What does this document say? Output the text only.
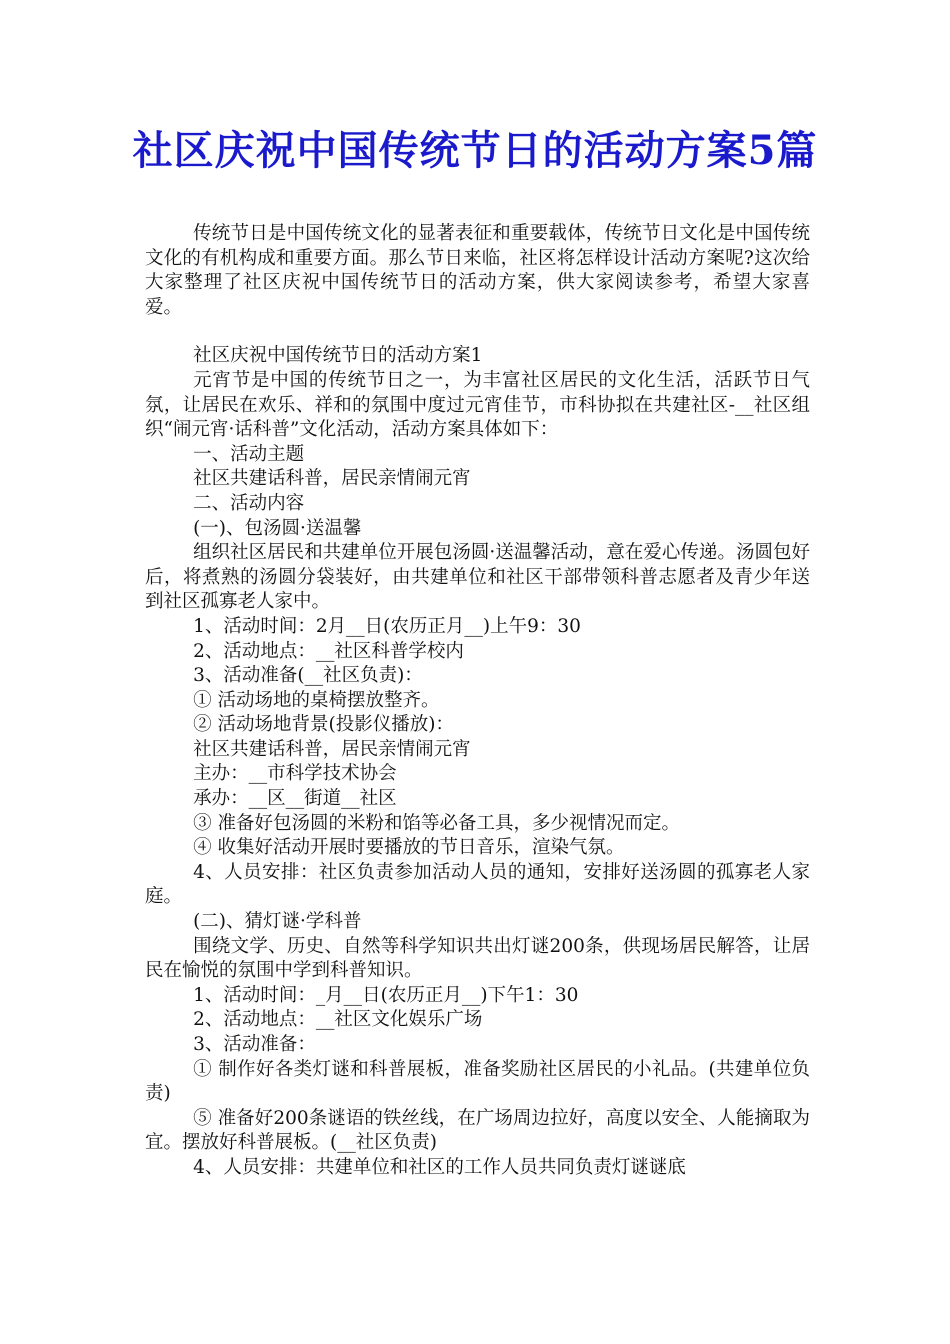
社区庆祝中国传统节日的活动方案5篇

传统节日是中国传统文化的显著表征和重要载体，传统节日文化是中国传统文化的有机构成和重要方面。那么节日来临，社区将怎样设计活动方案呢?这次给大家整理了社区庆祝中国传统节日的活动方案，供大家阅读参考，希望大家喜爱。

社区庆祝中国传统节日的活动方案1

元宵节是中国的传统节日之一，为丰富社区居民的文化生活，活跃节日气氛，让居民在欢乐、祥和的氛围中度过元宵佳节，市科协拟在共建社区-__社区组织“闹元宵·话科普”文化活动，活动方案具体如下：

一、活动主题

社区共建话科普，居民亲情闹元宵

二、活动内容

(一)、包汤圆·送温馨

组织社区居民和共建单位开展包汤圆·送温馨活动，意在爱心传递。汤圆包好后，将煮熟的汤圆分袋装好，由共建单位和社区干部带领科普志愿者及青少年送到社区孤寡老人家中。

1、活动时间：2月__日(农历正月__)上午9：30

2、活动地点：__社区科普学校内

3、活动准备(__社区负责)：

① 活动场地的桌椅摆放整齐。

② 活动场地背景(投影仪播放)：

社区共建话科普，居民亲情闹元宵

主办：__市科学技术协会

承办：__区__街道__社区

③ 准备好包汤圆的米粉和馅等必备工具，多少视情况而定。

④ 收集好活动开展时要播放的节日音乐，渲染气氛。

4、人员安排：社区负责参加活动人员的通知，安排好送汤圆的孤寡老人家庭。

(二)、猜灯谜·学科普

围绕文学、历史、自然等科学知识共出灯谜200条，供现场居民解答，让居民在愉悦的氛围中学到科普知识。

1、活动时间：_月__日(农历正月__)下午1：30

2、活动地点：__社区文化娱乐广场

3、活动准备：

① 制作好各类灯谜和科普展板，准备奖励社区居民的小礼品。(共建单位负责)

⑤ 准备好200条谜语的铁丝线，在广场周边拉好，高度以安全、人能摘取为宜。摆放好科普展板。(__社区负责)

4、人员安排：共建单位和社区的工作人员共同负责灯谜谜底
